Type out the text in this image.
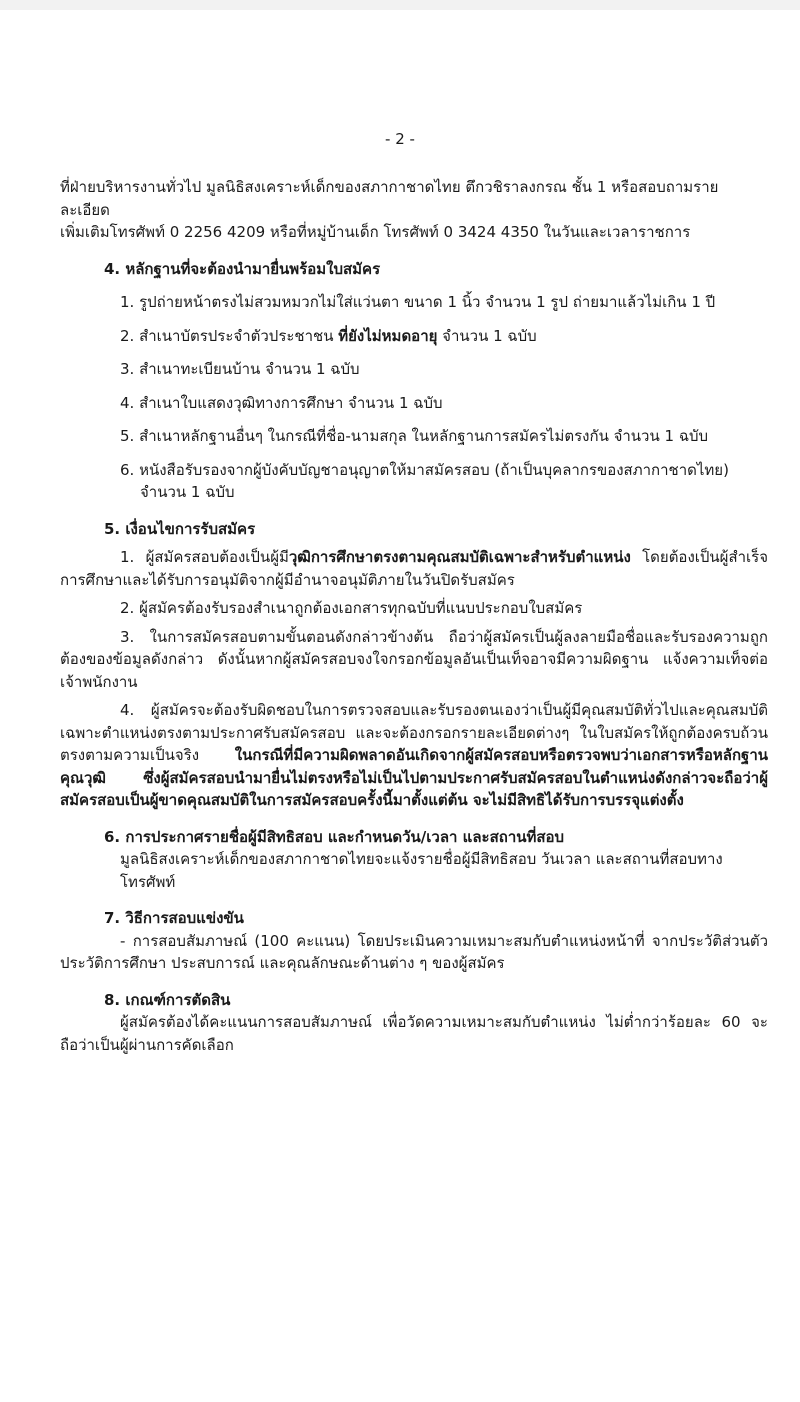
- 2 -

ที่ฝ่ายบริหารงานทั่วไป มูลนิธิสงเคราะห์เด็กของสภากาชาดไทย ตึกวชิราลงกรณ ชั้น 1 หรือสอบถามรายละเอียด

เพิ่มเติมโทรศัพท์ 0 2256 4209 หรือที่หมู่บ้านเด็ก โทรศัพท์ 0 3424 4350 ในวันและเวลาราชการ

4. หลักฐานที่จะต้องนำมายื่นพร้อมใบสมัคร

1. รูปถ่ายหน้าตรงไม่สวมหมวกไม่ใส่แว่นตา ขนาด 1 นิ้ว จำนวน 1 รูป ถ่ายมาแล้วไม่เกิน 1 ปี

2. สำเนาบัตรประจำตัวประชาชน ที่ยังไม่หมดอายุ จำนวน 1 ฉบับ

3. สำเนาทะเบียนบ้าน จำนวน 1 ฉบับ

4. สำเนาใบแสดงวุฒิทางการศึกษา จำนวน 1 ฉบับ

5. สำเนาหลักฐานอื่นๆ ในกรณีที่ชื่อ-นามสกุล ในหลักฐานการสมัครไม่ตรงกัน จำนวน 1 ฉบับ

6. หนังสือรับรองจากผู้บังคับบัญชาอนุญาตให้มาสมัครสอบ (ถ้าเป็นบุคลากรของสภากาชาดไทย)

จำนวน 1 ฉบับ

5. เงื่อนไขการรับสมัคร

1. ผู้สมัครสอบต้องเป็นผู้มีวุฒิการศึกษาตรงตามคุณสมบัติเฉพาะสำหรับตำแหน่ง โดยต้องเป็นผู้สำเร็จการศึกษาและได้รับการอนุมัติจากผู้มีอำนาจอนุมัติภายในวันปิดรับสมัคร

2. ผู้สมัครต้องรับรองสำเนาถูกต้องเอกสารทุกฉบับที่แนบประกอบใบสมัคร

3. ในการสมัครสอบตามขั้นตอนดังกล่าวข้างต้น ถือว่าผู้สมัครเป็นผู้ลงลายมือชื่อและรับรองความถูกต้องของข้อมูลดังกล่าว ดังนั้นหากผู้สมัครสอบจงใจกรอกข้อมูลอันเป็นเท็จอาจมีความผิดฐาน แจ้งความเท็จต่อเจ้าพนักงาน

4. ผู้สมัครจะต้องรับผิดชอบในการตรวจสอบและรับรองตนเองว่าเป็นผู้มีคุณสมบัติทั่วไปและคุณสมบัติเฉพาะตำแหน่งตรงตามประกาศรับสมัครสอบ และจะต้องกรอกรายละเอียดต่างๆ ในใบสมัครให้ถูกต้องครบถ้วนตรงตามความเป็นจริง ในกรณีที่มีความผิดพลาดอันเกิดจากผู้สมัครสอบหรือตรวจพบว่าเอกสารหรือหลักฐานคุณวุฒิ ซึ่งผู้สมัครสอบนำมายื่นไม่ตรงหรือไม่เป็นไปตามประกาศรับสมัครสอบในตำแหน่งดังกล่าวจะถือว่าผู้สมัครสอบเป็นผู้ขาดคุณสมบัติในการสมัครสอบครั้งนี้มาตั้งแต่ต้น จะไม่มีสิทธิได้รับการบรรจุแต่งตั้ง

6. การประกาศรายชื่อผู้มีสิทธิสอบ และกำหนดวัน/เวลา และสถานที่สอบ

มูลนิธิสงเคราะห์เด็กของสภากาชาดไทยจะแจ้งรายชื่อผู้มีสิทธิสอบ วันเวลา และสถานที่สอบทางโทรศัพท์

7. วิธีการสอบแข่งขัน

- การสอบสัมภาษณ์ (100 คะแนน) โดยประเมินความเหมาะสมกับตำแหน่งหน้าที่ จากประวัติส่วนตัว ประวัติการศึกษา ประสบการณ์ และคุณลักษณะด้านต่าง ๆ ของผู้สมัคร

8. เกณฑ์การตัดสิน

ผู้สมัครต้องได้คะแนนการสอบสัมภาษณ์ เพื่อวัดความเหมาะสมกับตำแหน่ง ไม่ต่ำกว่าร้อยละ 60 จะถือว่าเป็นผู้ผ่านการคัดเลือก
